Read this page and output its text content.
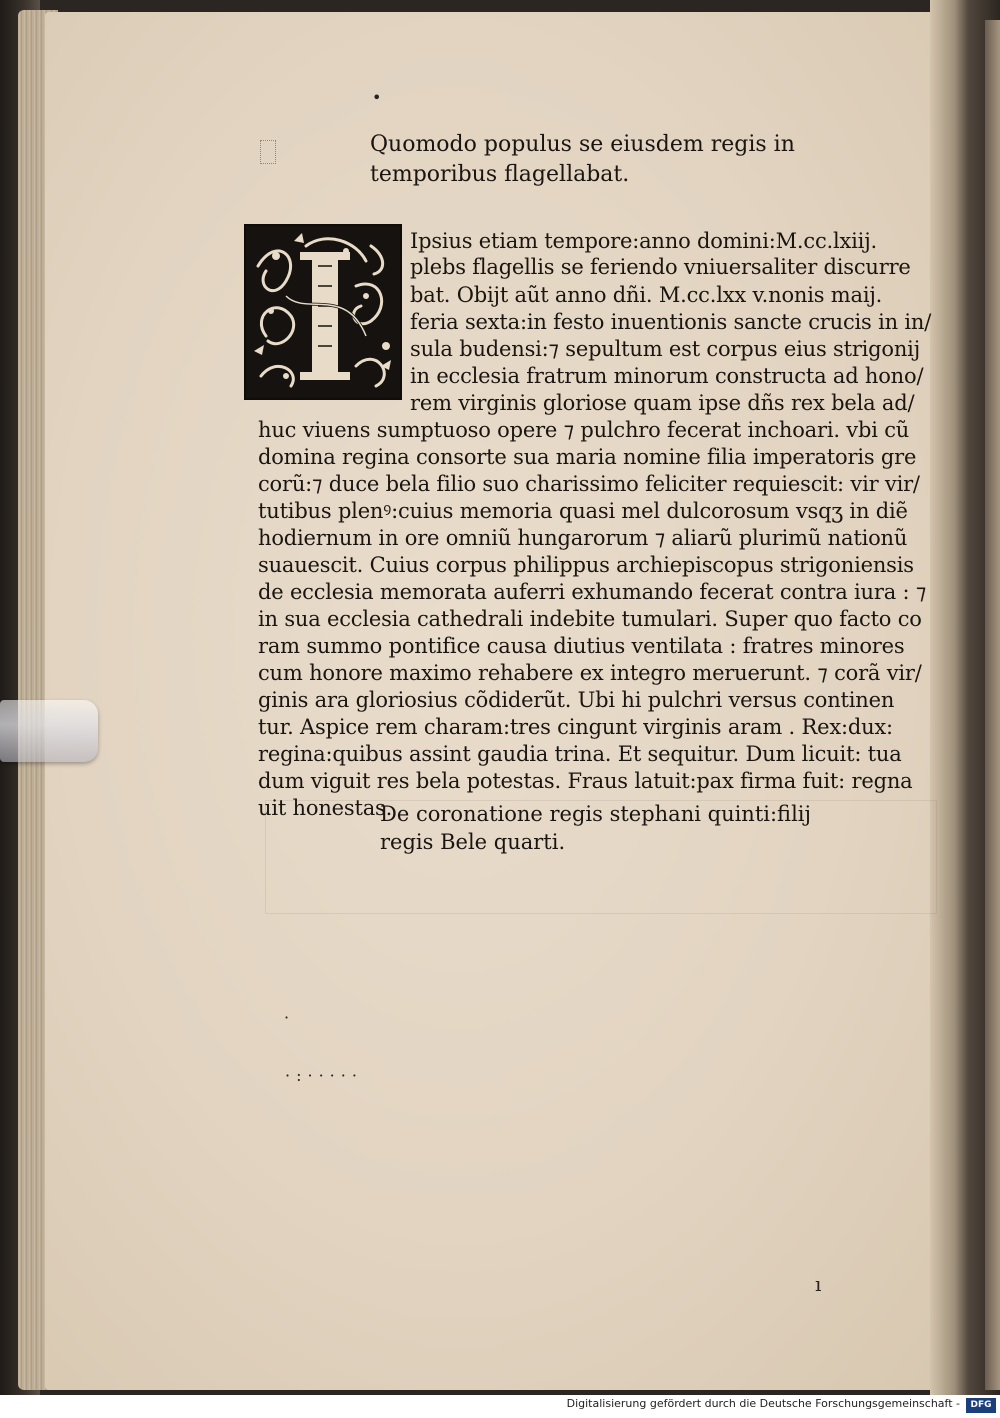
Quomodo populus se eiusdem regis in
temporibus flagellabat.
Ipsius etiam tempore:anno domini:M.cc.lxiij.
plebs flagellis se feriendo vniuersaliter discurre
bat. Obijt aũt anno dñi. M.cc.lxx v.nonis maij.
feria sexta:in festo inuentionis sancte crucis in in/
sula budensi:⁊ sepultum est corpus eius strigonij
in ecclesia fratrum minorum constructa ad hono/
rem virginis gloriose quam ipse dñs rex bela ad/
huc viuens sumptuoso opere ⁊ pulchro fecerat inchoari. vbi cũ
domina regina consorte sua maria nomine filia imperatoris gre
corũ:⁊ duce bela filio suo charissimo feliciter requiescit: vir vir/
tutibus plenꝰ:cuius memoria quasi mel dulcorosum vsqʒ in diẽ
hodiernum in ore omniũ hungarorum ⁊ aliarũ plurimũ nationũ
suauescit. Cuius corpus philippus archiepiscopus strigoniensis
de ecclesia memorata auferri exhumando fecerat contra iura : ⁊
in sua ecclesia cathedrali indebite tumulari. Super quo facto co
ram summo pontifice causa diutius ventilata : fratres minores
cum honore maximo rehabere ex integro meruerunt. ⁊ corã vir/
ginis ara gloriosius cõdiderũt. Ubi hi pulchri versus continen
tur. Aspice rem charam:tres cingunt virginis aram . Rex:dux:
regina:quibus assint gaudia trina. Et sequitur. Dum licuit: tua
dum viguit res bela potestas. Fraus latuit:pax firma fuit: regna
uit honestas.
De coronatione regis stephani quinti:filij
regis Bele quarti.
•
·
·:·····
ı
Digitalisierung gefördert durch die Deutsche Forschungsgemeinschaft -	DFG
